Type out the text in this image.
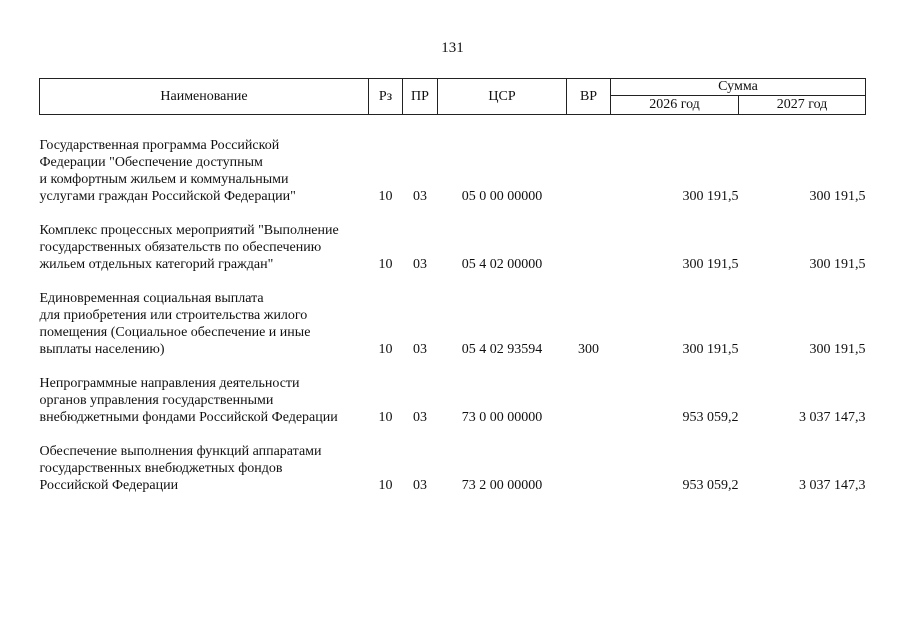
131
Наименование	Рз	ПР	ЦСР	ВР	Сумма	
					2026 год	2027 год

Государственная программа Российской
Федерации "Обеспечение доступным
и комфортным жильем и коммунальными
услугами граждан Российской Федерации"	10	03	05 0 00 00000		300 191,5	300 191,5

Комплекс процессных мероприятий "Выполнение
государственных обязательств по обеспечению
жильем отдельных категорий граждан"	10	03	05 4 02 00000		300 191,5	300 191,5

Единовременная социальная выплата
для приобретения или строительства жилого
помещения (Социальное обеспечение и иные
выплаты населению)	10	03	05 4 02 93594	300	300 191,5	300 191,5

Непрограммные направления деятельности
органов управления государственными
внебюджетными фондами Российской Федерации	10	03	73 0 00 00000		953 059,2	3 037 147,3

Обеспечение выполнения функций аппаратами
государственных внебюджетных фондов
Российской Федерации	10	03	73 2 00 00000		953 059,2	3 037 147,3
